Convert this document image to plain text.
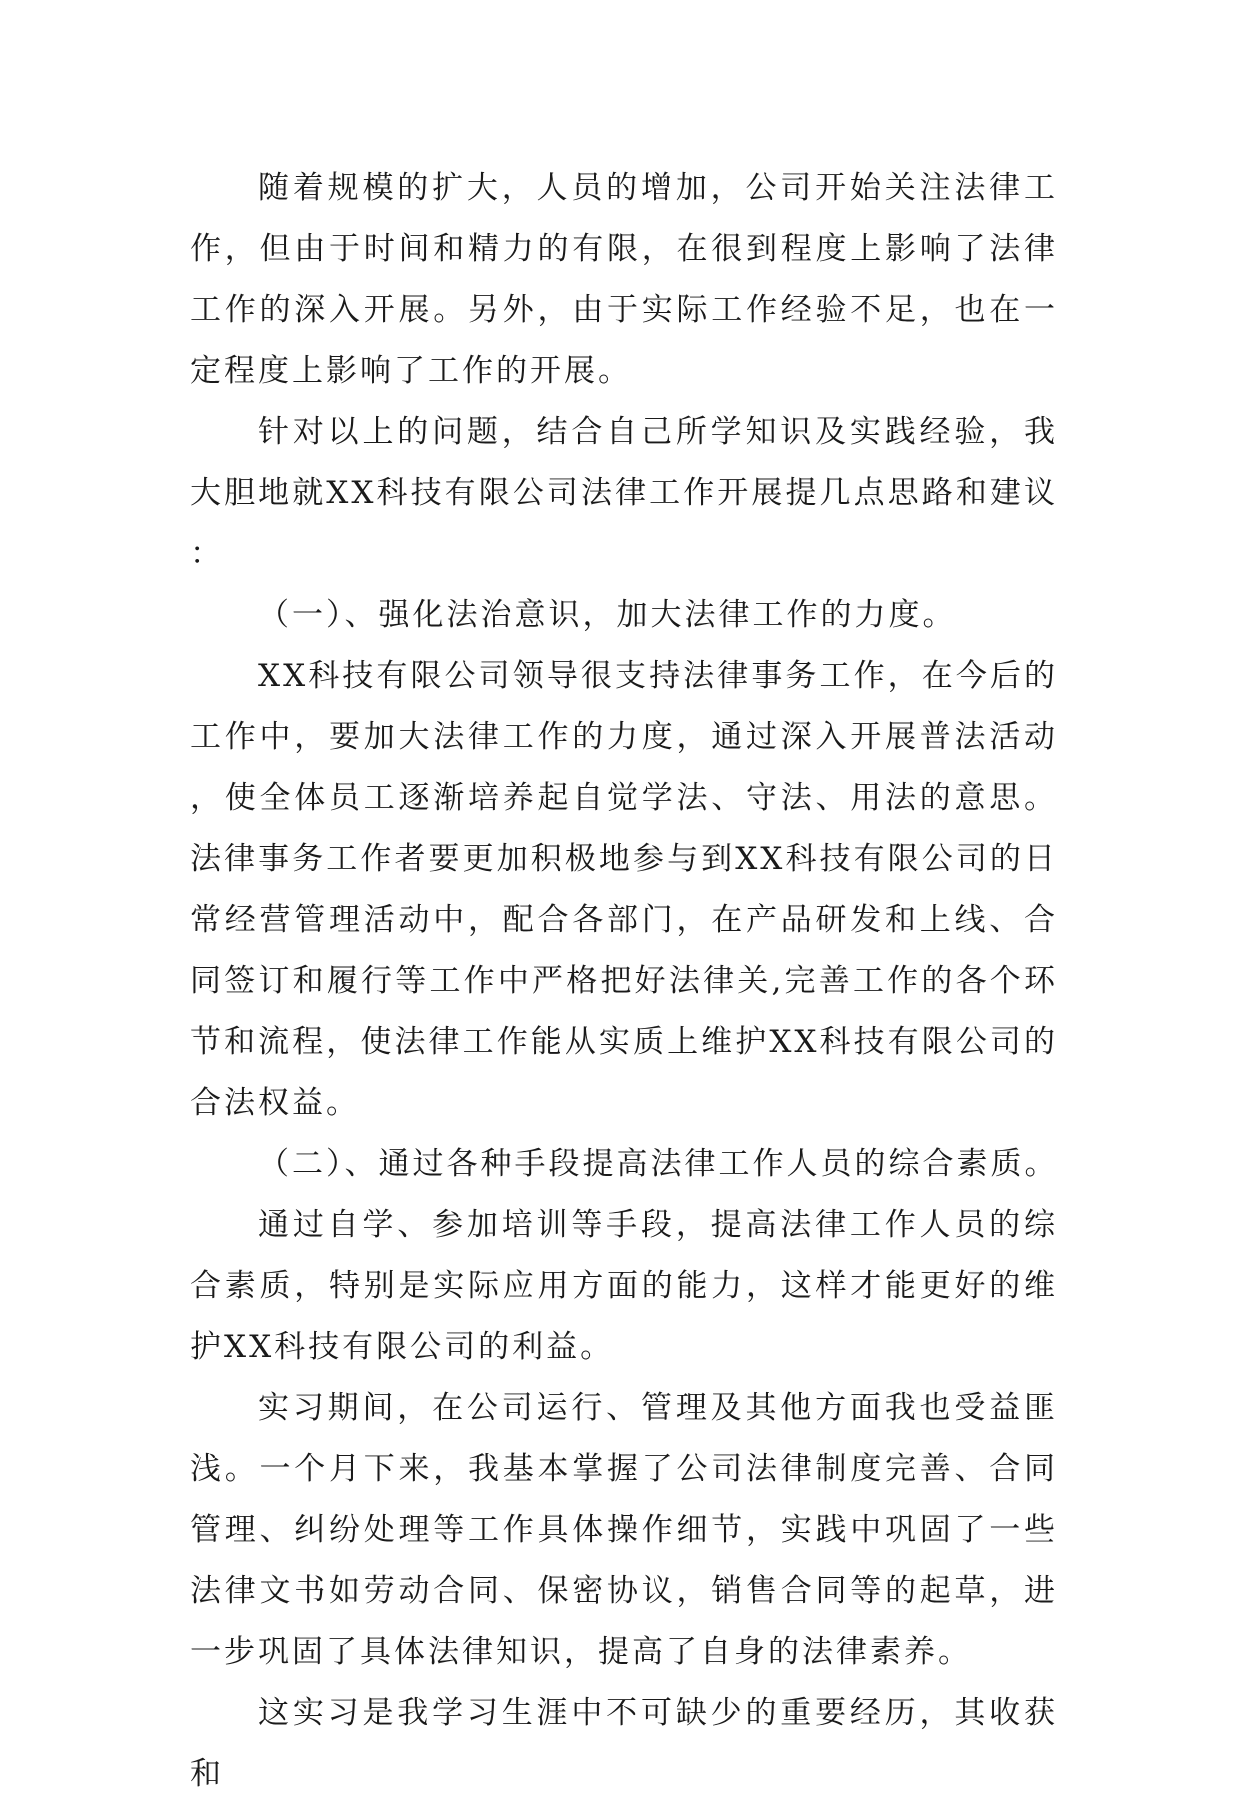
随着规模的扩大，人员的增加，公司开始关注法律工作，但由于时间和精力的有限，在很到程度上影响了法律工作的深入开展。另外，由于实际工作经验不足，也在一定程度上影响了工作的开展。

针对以上的问题，结合自己所学知识及实践经验，我大胆地就XX科技有限公司法律工作开展提几点思路和建议：

（一）、强化法治意识，加大法律工作的力度。

XX科技有限公司领导很支持法律事务工作，在今后的工作中，要加大法律工作的力度，通过深入开展普法活动，使全体员工逐渐培养起自觉学法、守法、用法的意思。法律事务工作者要更加积极地参与到XX科技有限公司的日常经营管理活动中，配合各部门，在产品研发和上线、合同签订和履行等工作中严格把好法律关,完善工作的各个环节和流程，使法律工作能从实质上维护XX科技有限公司的合法权益。

（二）、通过各种手段提高法律工作人员的综合素质。

通过自学、参加培训等手段，提高法律工作人员的综合素质，特别是实际应用方面的能力，这样才能更好的维护XX科技有限公司的利益。

实习期间，在公司运行、管理及其他方面我也受益匪浅。一个月下来，我基本掌握了公司法律制度完善、合同管理、纠纷处理等工作具体操作细节，实践中巩固了一些法律文书如劳动合同、保密协议，销售合同等的起草，进一步巩固了具体法律知识，提高了自身的法律素养。

这实习是我学习生涯中不可缺少的重要经历，其收获和
